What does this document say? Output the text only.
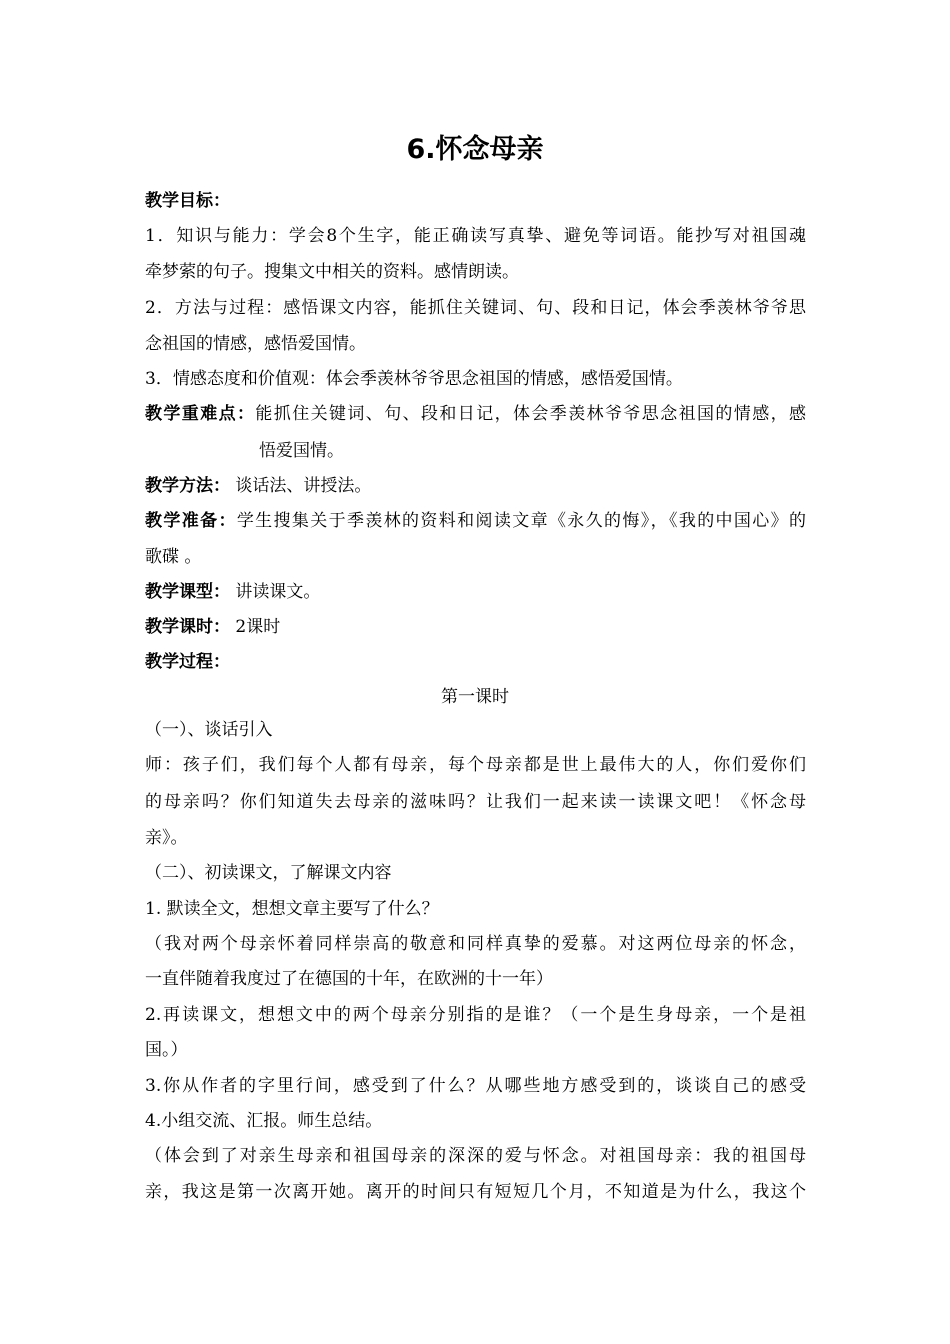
6.怀念母亲
教学目标：
1．知识与能力：学会8个生字，能正确读写真挚、避免等词语。能抄写对祖国魂
牵梦萦的句子。搜集文中相关的资料。感情朗读。
2．方法与过程：感悟课文内容，能抓住关键词、句、段和日记，体会季羡林爷爷思
念祖国的情感，感悟爱国情。
3．情感态度和价值观：体会季羡林爷爷思念祖国的情感，感悟爱国情。
教学重难点：能抓住关键词、句、段和日记，体会季羡林爷爷思念祖国的情感，感
悟爱国情。
教学方法： 谈话法、讲授法。
教学准备：学生搜集关于季羡林的资料和阅读文章《永久的悔》，《我的中国心》的
歌碟 。
教学课型： 讲读课文。
教学课时： 2课时
教学过程：
第一课时
（一）、谈话引入
师：孩子们，我们每个人都有母亲，每个母亲都是世上最伟大的人，你们爱你们
的母亲吗？你们知道失去母亲的滋味吗？让我们一起来读一读课文吧！《怀念母
亲》。
（二）、初读课文，了解课文内容
1. 默读全文，想想文章主要写了什么？
（我对两个母亲怀着同样崇高的敬意和同样真挚的爱慕。对这两位母亲的怀念，
一直伴随着我度过了在德国的十年，在欧洲的十一年）
2.再读课文，想想文中的两个母亲分别指的是谁？（一个是生身母亲，一个是祖
国。）
3.你从作者的字里行间，感受到了什么？从哪些地方感受到的，谈谈自己的感受
4.小组交流、汇报。师生总结。
（体会到了对亲生母亲和祖国母亲的深深的爱与怀念。对祖国母亲：我的祖国母
亲，我这是第一次离开她。离开的时间只有短短几个月，不知道是为什么，我这个
